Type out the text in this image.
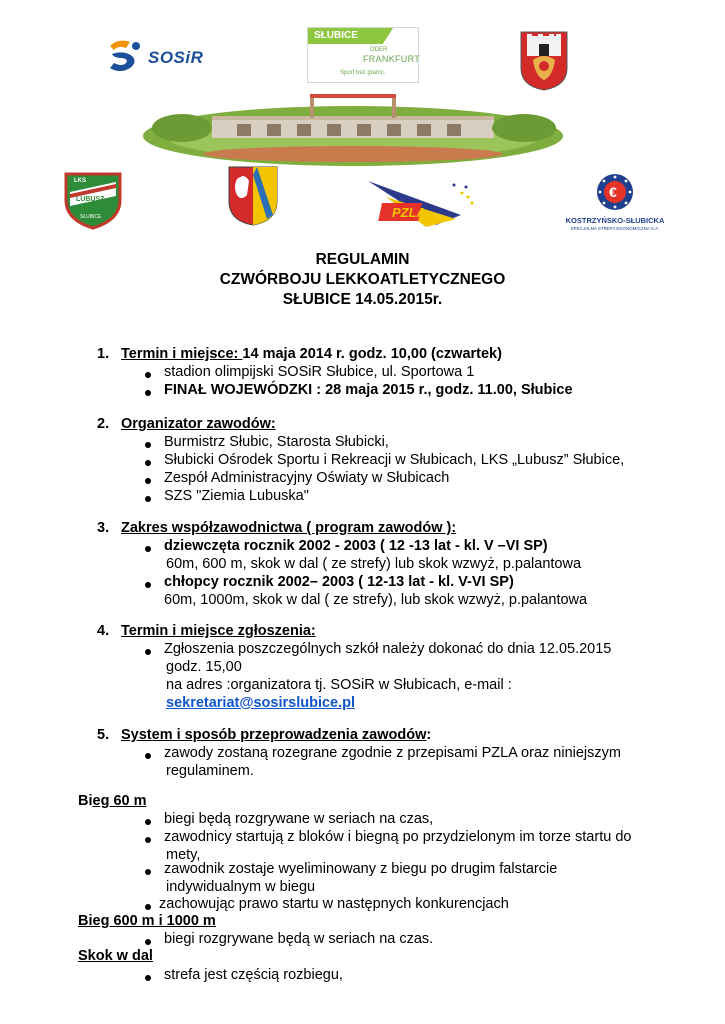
SOSiR
SŁUBICE
ODER
FRANKFURT
Sport bez granic.
LKS
LUBUSZ
SŁUBICE	PZLA
€
KOSTRZYŃSKO-SŁUBICKA
SPECJALNA STREFA EKONOMICZNA S.A.
REGULAMIN
CZWÓRBOJU LEKKOATLETYCZNEGO
SŁUBICE 14.05.2015r.
1. Termin i miejsce: 14 maja 2014 r. godz. 10,00 (czwartek)
stadion olimpijski SOSiR Słubice, ul. Sportowa 1
FINAŁ WOJEWÓDZKI : 28 maja 2015 r., godz. 11.00, Słubice
2. Organizator zawodów:
Burmistrz Słubic, Starosta Słubicki,
Słubicki Ośrodek Sportu i Rekreacji w Słubicach, LKS „Lubusz” Słubice,
Zespół Administracyjny Oświaty w Słubicach
SZS "Ziemia Lubuska"
3. Zakres współzawodnictwa ( program zawodów ):
dziewczęta rocznik 2002 - 2003 ( 12 -13 lat - kl. V –VI SP)
60m, 600 m, skok w dal ( ze strefy) lub skok wzwyż, p.palantowa
chłopcy rocznik 2002– 2003 ( 12-13 lat - kl. V-VI SP)
60m, 1000m, skok w dal ( ze strefy), lub skok wzwyż, p.palantowa
4. Termin i miejsce zgłoszenia:
Zgłoszenia poszczególnych szkół należy dokonać do dnia 12.05.2015
godz. 15,00
na adres :organizatora tj. SOSiR w Słubicach, e-mail :
sekretariat@sosirslubice.pl
5. System i sposób przeprowadzenia zawodów:
zawody zostaną rozegrane zgodnie z przepisami PZLA oraz niniejszym
regulaminem.
Bieg 60 m
biegi będą rozgrywane w seriach na czas,
zawodnicy startują z bloków i biegną po przydzielonym im torze startu do
mety,
zawodnik zostaje wyeliminowany z biegu po drugim falstarcie
indywidualnym w biegu
zachowując prawo startu w następnych konkurencjach
Bieg 600 m i 1000 m
biegi rozgrywane będą w seriach na czas.
Skok w dal
strefa jest częścią rozbiegu,
